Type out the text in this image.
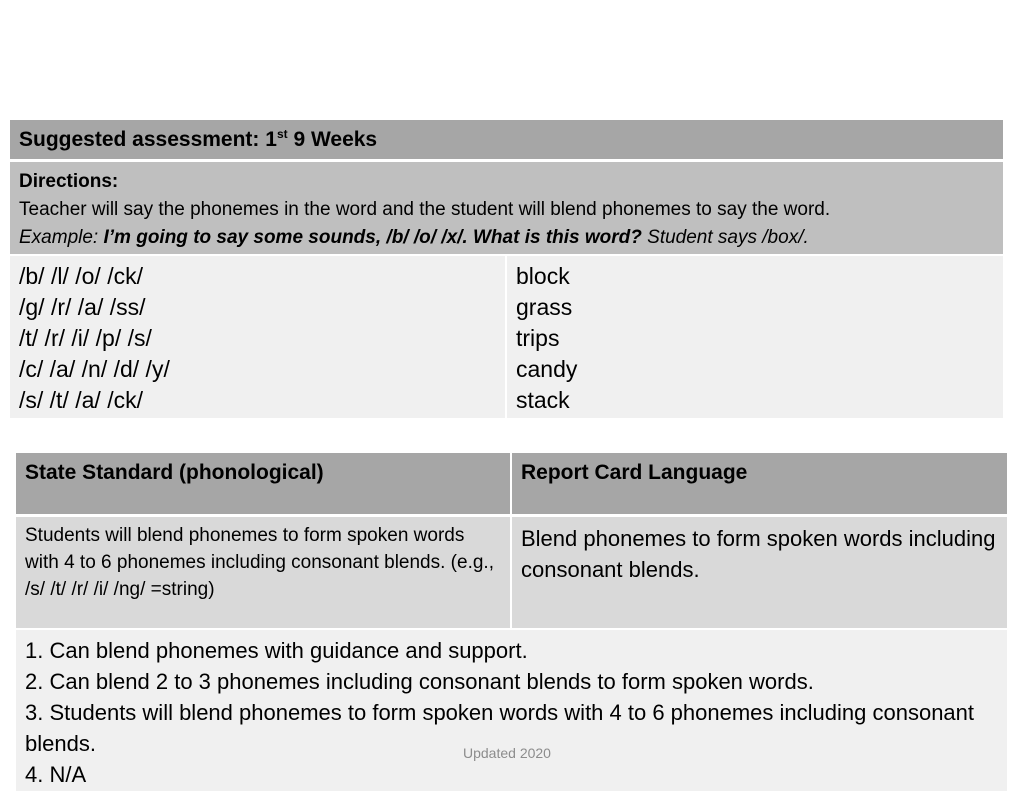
Suggested assessment: 1st 9 Weeks
Directions:
Teacher will say the phonemes in the word and the student will blend phonemes to say the word.
Example: I’m going to say some sounds, /b/ /o/ /x/. What is this word? Student says /box/.
/b/ /l/ /o/ /ck/
/g/ /r/ /a/ /ss/
/t/ /r/ /i/ /p/ /s/
/c/ /a/ /n/ /d/ /y/
/s/ /t/ /a/ /ck/
block
grass
trips
candy
stack
State Standard (phonological)	Report Card Language
Students will blend phonemes to form spoken words with 4 to 6 phonemes including consonant blends. (e.g., /s/ /t/ /r/ /i/ /ng/ =string)
Blend phonemes to form spoken words including consonant blends.
1. Can blend phonemes with guidance and support.
2. Can blend 2 to 3 phonemes including consonant blends to form spoken words.
3. Students will blend phonemes to form spoken words with 4 to 6 phonemes including consonant blends.
4. N/A
Updated 2020
